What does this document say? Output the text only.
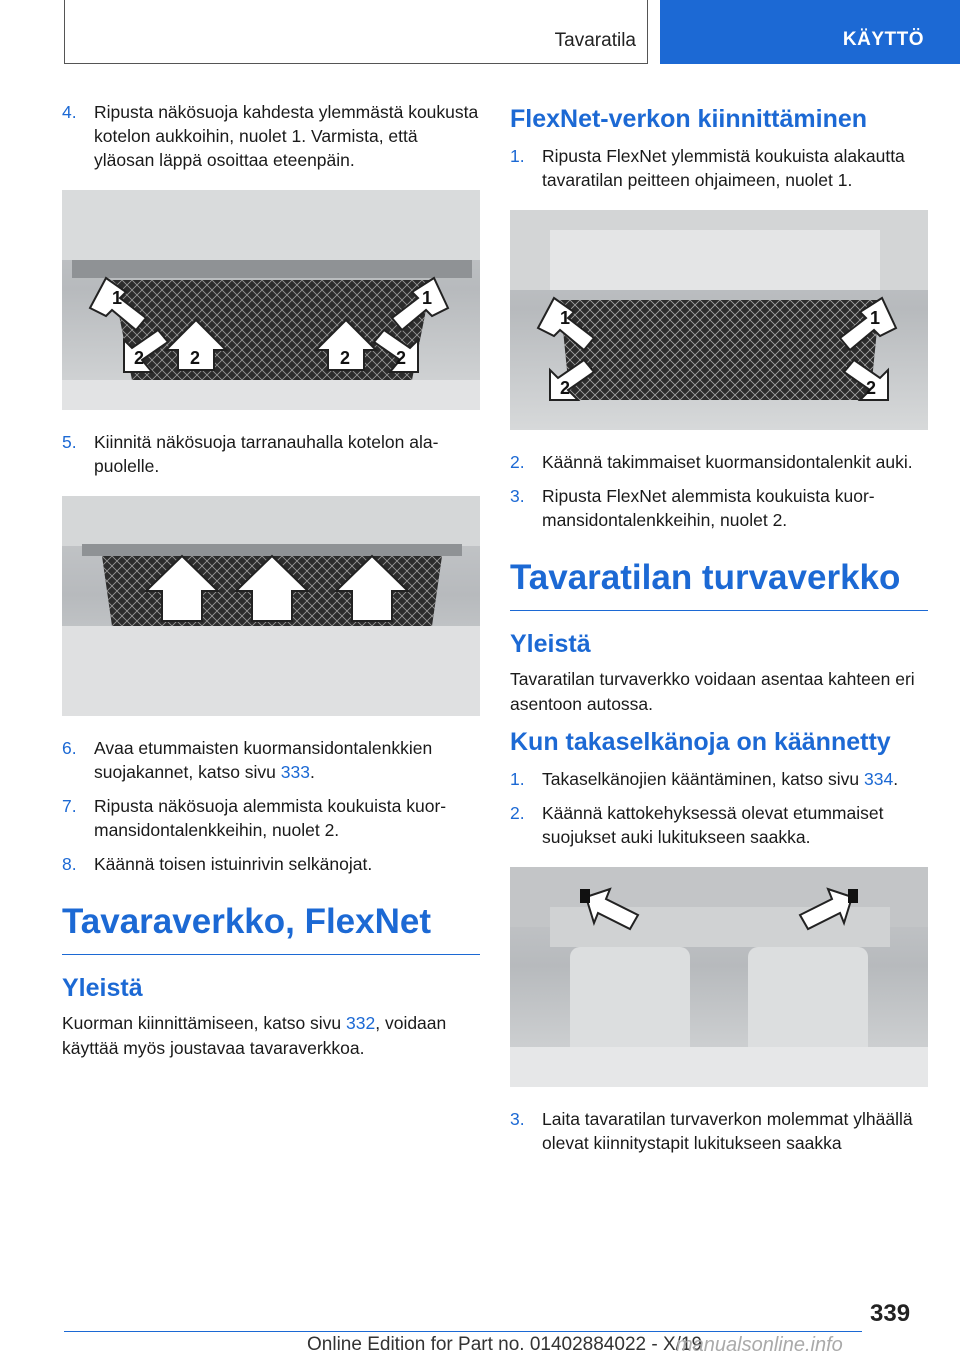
Tavaratila	KÄYTTÖ
4. Ripusta näkösuoja kahdesta ylemmästä koukusta kotelon aukkoihin, nuolet 1. Varmista, että yläosan läppä osoittaa eteenpäin.
1	1
2	2
2	2
5. Kiinnitä näkösuoja tarranauhalla kotelon alapuolelle.
6. Avaa etummaisten kuormansidontalenkkien suojakannet, katso sivu 333.
7. Ripusta näkösuoja alemmista koukuista kuormansidontalenkkeihin, nuolet 2.
8. Käännä toisen istuinrivin selkänojat.
Tavaraverkko, FlexNet
Yleistä
Kuorman kiinnittämiseen, katso sivu 332, voidaan käyttää myös joustavaa tavaraverkkoa.
FlexNet-verkon kiinnittäminen
1. Ripusta FlexNet ylemmistä koukuista alakautta tavaratilan peitteen ohjaimeen, nuolet 1.
1	1
2	2
2. Käännä takimmaiset kuormansidontalenkit auki.
3. Ripusta FlexNet alemmista koukuista kuormansidontalenkkeihin, nuolet 2.
Tavaratilan turvaverkko
Yleistä
Tavaratilan turvaverkko voidaan asentaa kahteen eri asentoon autossa.
Kun takaselkänoja on käännetty
1. Takaselkänojien kääntäminen, katso sivu 334.
2. Käännä kattokehyksessä olevat etummaiset suojukset auki lukitukseen saakka.
3. Laita tavaratilan turvaverkon molemmat ylhäällä olevat kiinnitystapit lukitukseen saakka
339
Online Edition for Part no. 01402884022 - X/19
manualsonline.info
